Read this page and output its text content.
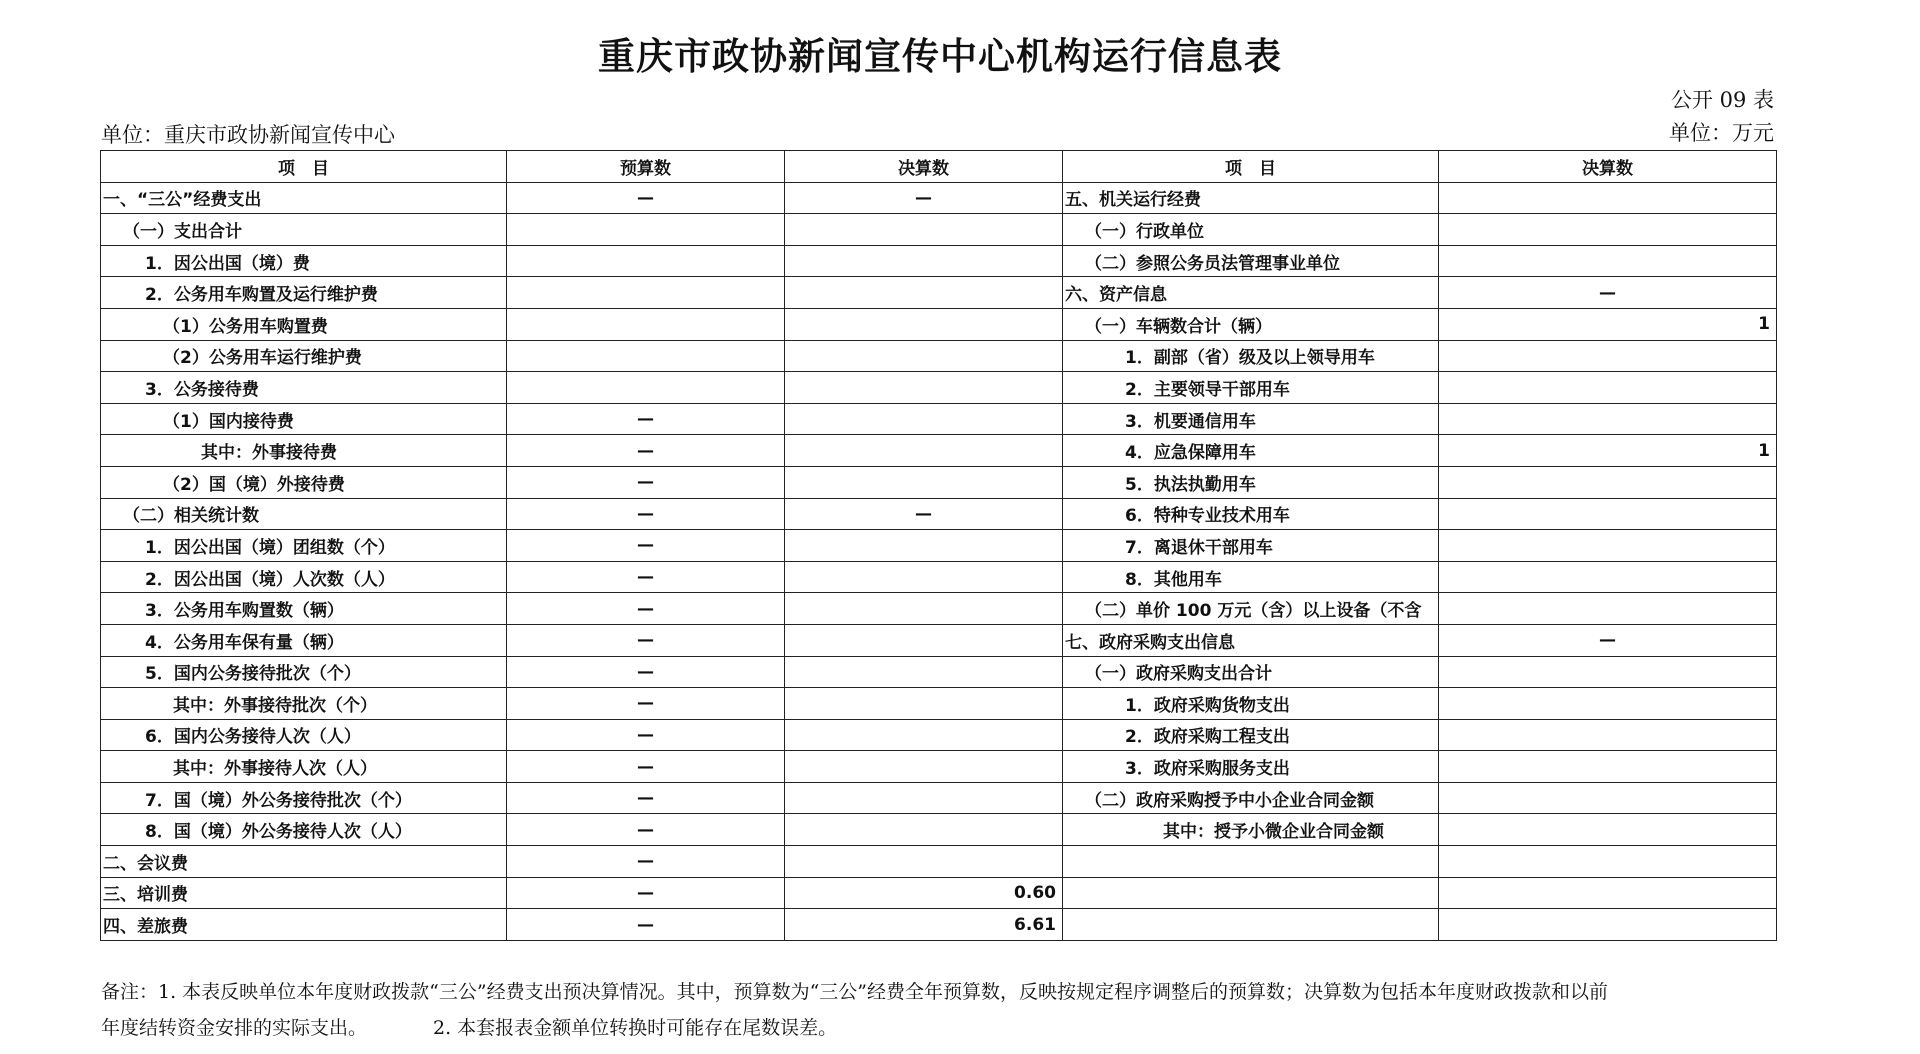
重庆市政协新闻宣传中心机构运行信息表
公开 09 表
单位：重庆市政协新闻宣传中心	单位：万元
项　目	预算数	决算数	项　目	决算数
一、“三公”经费支出	—	—	五、机关运行经费	
（一）支出合计			（一）行政单位	
1．因公出国（境）费			（二）参照公务员法管理事业单位	
2．公务用车购置及运行维护费			六、资产信息	—
（1）公务用车购置费			（一）车辆数合计（辆）	1
（2）公务用车运行维护费			1．副部（省）级及以上领导用车	
3．公务接待费			2．主要领导干部用车	
（1）国内接待费	—		3．机要通信用车	
其中：外事接待费	—		4．应急保障用车	1
（2）国（境）外接待费	—		5．执法执勤用车	
（二）相关统计数	—	—	6．特种专业技术用车	
1．因公出国（境）团组数（个）	—		7．离退休干部用车	
2．因公出国（境）人次数（人）	—		8．其他用车	
3．公务用车购置数（辆）	—		（二）单价 100 万元（含）以上设备（不含	
4．公务用车保有量（辆）	—		七、政府采购支出信息	—
5．国内公务接待批次（个）	—		（一）政府采购支出合计	
其中：外事接待批次（个）	—		1．政府采购货物支出	
6．国内公务接待人次（人）	—		2．政府采购工程支出	
其中：外事接待人次（人）	—		3．政府采购服务支出	
7．国（境）外公务接待批次（个）	—		（二）政府采购授予中小企业合同金额	
8．国（境）外公务接待人次（人）	—		其中：授予小微企业合同金额	
二、会议费	—			
三、培训费	—	0.60		
四、差旅费	—	6.61		
备注：1. 本表反映单位本年度财政拨款“三公”经费支出预决算情况。其中，预算数为“三公”经费全年预算数，反映按规定程序调整后的预算数；决算数为包括本年度财政拨款和以前
年度结转资金安排的实际支出。	2. 本套报表金额单位转换时可能存在尾数误差。
